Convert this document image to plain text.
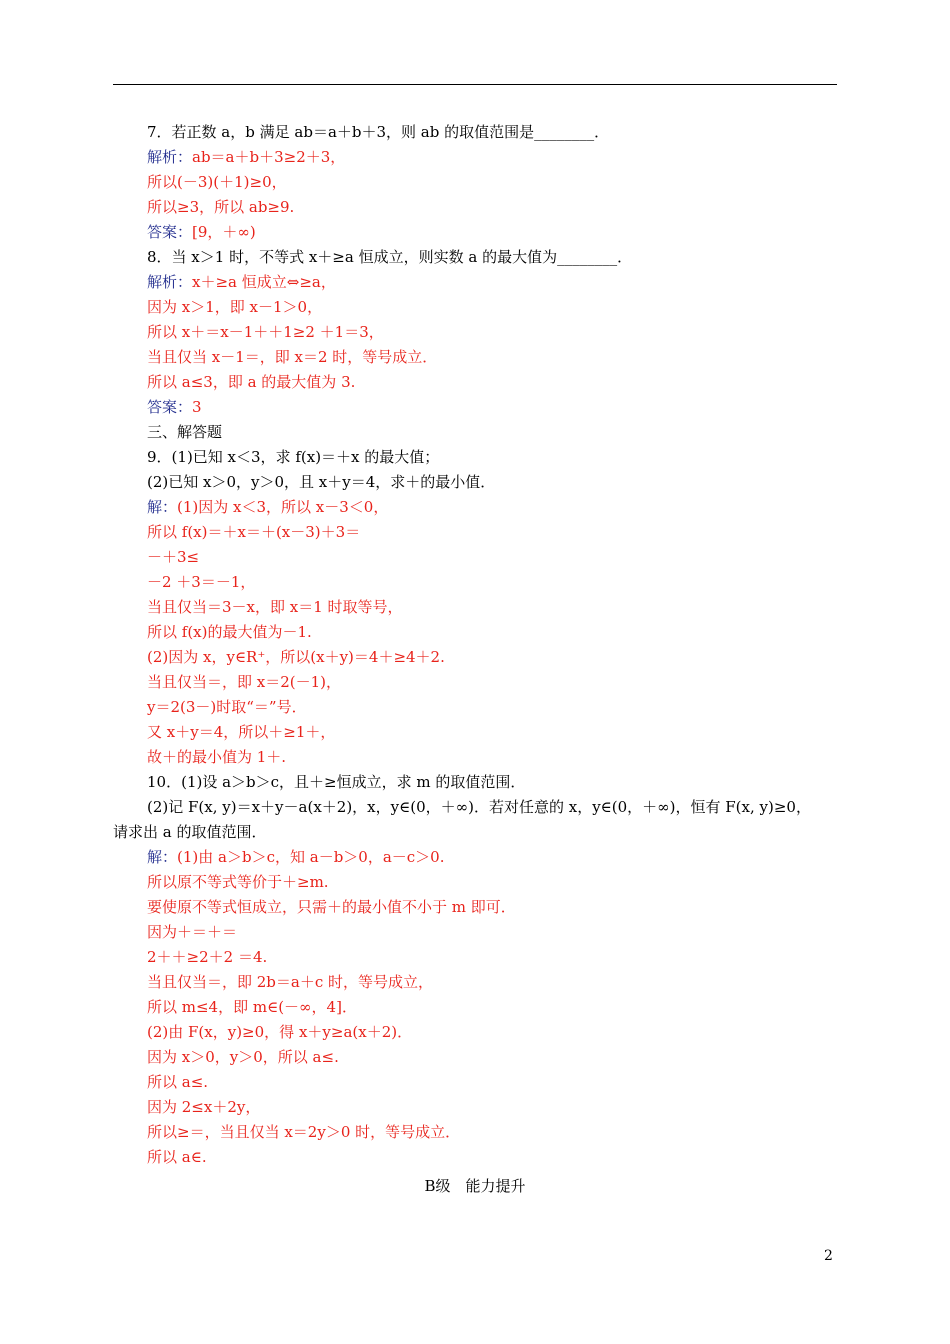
7．若正数 a，b 满足 ab＝a＋b＋3，则 ab 的取值范围是________．
解析：ab＝a＋b＋3≥2＋3，
所以(－3)(＋1)≥0，
所以≥3，所以 ab≥9.
答案：[9，＋∞)
8．当 x＞1 时，不等式 x＋≥a 恒成立，则实数 a 的最大值为________．
解析：x＋≥a 恒成立⇔≥a，
因为 x＞1，即 x－1＞0，
所以 x＋＝x－1＋＋1≥2 ＋1＝3，
当且仅当 x－1＝，即 x＝2 时，等号成立．
所以 a≤3，即 a 的最大值为 3.
答案：3
三、解答题
9．(1)已知 x＜3，求 f(x)＝＋x 的最大值；
(2)已知 x＞0，y＞0，且 x＋y＝4，求＋的最小值．
解：(1)因为 x＜3，所以 x－3＜0，
所以 f(x)＝＋x＝＋(x－3)＋3＝
－＋3≤
－2 ＋3＝－1，
当且仅当＝3－x，即 x＝1 时取等号，
所以 f(x)的最大值为－1.
(2)因为 x，y∈R⁺，所以(x＋y)＝4＋≥4＋2.
当且仅当＝，即 x＝2(－1)，
y＝2(3－)时取“＝”号．
又 x＋y＝4，所以＋≥1＋，
故＋的最小值为 1＋.
10．(1)设 a＞b＞c，且＋≥恒成立，求 m 的取值范围．
(2)记 F(x, y)＝x＋y－a(x＋2)，x，y∈(0，＋∞)．若对任意的 x，y∈(0，＋∞)，恒有 F(x, y)≥0，
请求出 a 的取值范围．
解：(1)由 a＞b＞c，知 a－b＞0，a－c＞0.
所以原不等式等价于＋≥m.
要使原不等式恒成立，只需＋的最小值不小于 m 即可．
因为＋＝＋＝
2＋＋≥2＋2 ＝4.
当且仅当＝，即 2b＝a＋c 时，等号成立，
所以 m≤4，即 m∈(－∞，4]．
(2)由 F(x，y)≥0，得 x＋y≥a(x＋2)．
因为 x＞0，y＞0，所以 a≤.
所以 a≤.
因为 2≤x＋2y，
所以≥＝，当且仅当 x＝2y＞0 时，等号成立．
所以 a∈.
B级　能力提升
2
